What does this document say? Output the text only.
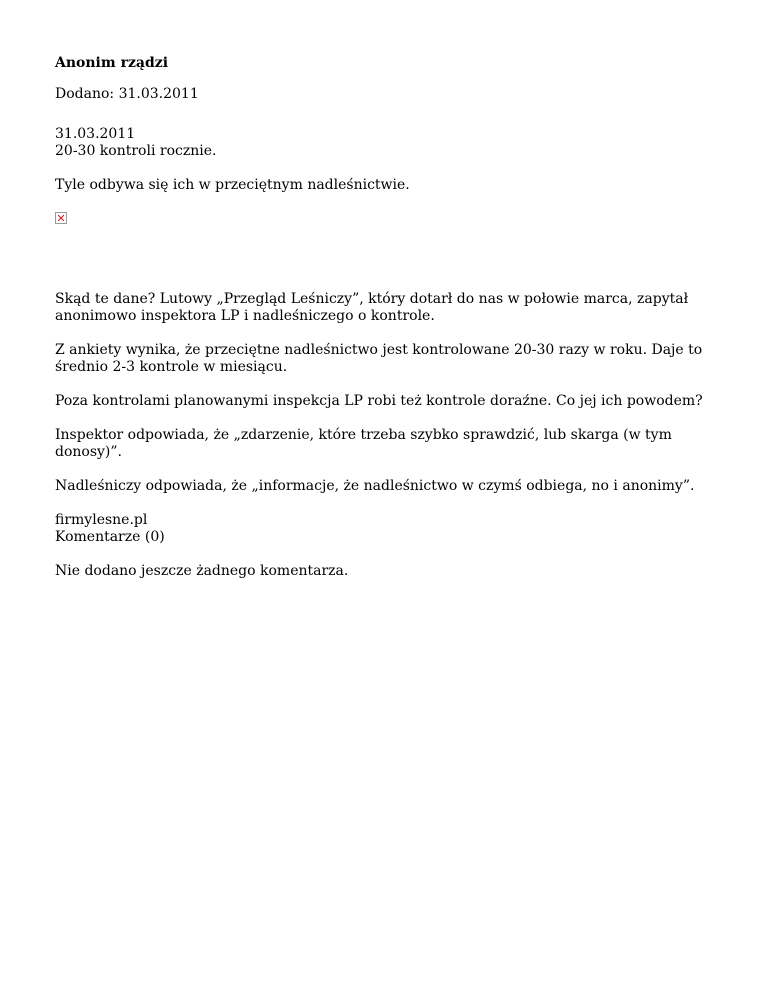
Anonim rządzi
Dodano: 31.03.2011
31.03.2011
20-30 kontroli rocznie.

Tyle odbywa się ich w przeciętnym nadleśnictwie.

Skąd te dane? Lutowy „Przegląd Leśniczy”, który dotarł do nas w połowie marca, zapytał anonimowo inspektora LP i nadleśniczego o kontrole.

Z ankiety wynika, że przeciętne nadleśnictwo jest kontrolowane 20-30 razy w roku. Daje to średnio 2-3 kontrole w miesiącu.

Poza kontrolami planowanymi inspekcja LP robi też kontrole doraźne. Co jej ich powodem?

Inspektor odpowiada, że „zdarzenie, które trzeba szybko sprawdzić, lub skarga (w tym donosy)”.

Nadleśniczy odpowiada, że „informacje, że nadleśnictwo w czymś odbiega, no i anonimy”.

firmylesne.pl
Komentarze (0)

Nie dodano jeszcze żadnego komentarza.
